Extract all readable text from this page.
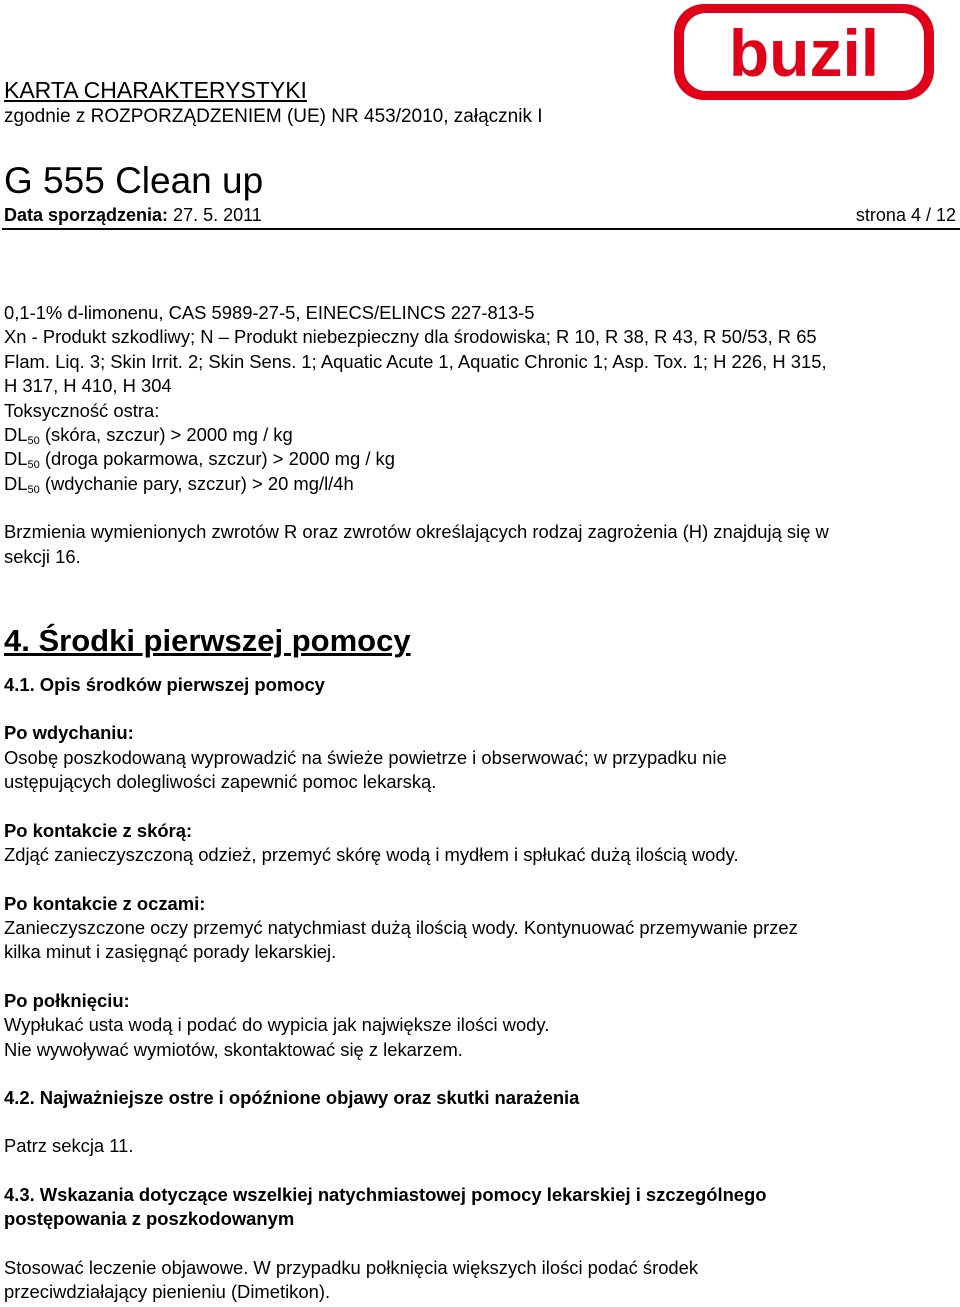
buzil
KARTA CHARAKTERYSTYKI
zgodnie z ROZPORZĄDZENIEM (UE) NR 453/2010, załącznik I
G 555 Clean up
Data sporządzenia: 27. 5. 2011	strona 4 / 12

0,1-1% d-limonenu, CAS 5989-27-5, EINECS/ELINCS 227-813-5

Xn - Produkt szkodliwy; N – Produkt niebezpieczny dla środowiska; R 10, R 38, R 43, R 50/53, R 65

Flam. Liq. 3; Skin Irrit. 2; Skin Sens. 1; Aquatic Acute 1, Aquatic Chronic 1; Asp. Tox. 1; H 226, H 315,

H 317, H 410, H 304

Toksyczność ostra:

$DL_{50}$ (skóra, szczur) > 2000 mg / kg

$DL_{50}$ (droga pokarmowa, szczur) > 2000 mg / kg

$DL_{50}$ (wdychanie pary, szczur) > 20 mg/l/4h

Brzmienia wymienionych zwrotów R oraz zwrotów określających rodzaj zagrożenia (H) znajdują się w

sekcji 16.

4. Środki pierwszej pomocy

4.1. Opis środków pierwszej pomocy

Po wdychaniu:

Osobę poszkodowaną wyprowadzić na świeże powietrze i obserwować; w przypadku nie

ustępujących dolegliwości zapewnić pomoc lekarską.

Po kontakcie z skórą:

Zdjąć zanieczyszczoną odzież, przemyć skórę wodą i mydłem i spłukać dużą ilością wody.

Po kontakcie z oczami:

Zanieczyszczone oczy przemyć natychmiast dużą ilością wody. Kontynuować przemywanie przez

kilka minut i zasięgnąć porady lekarskiej.

Po połknięciu:

Wypłukać usta wodą i podać do wypicia jak największe ilości wody.

Nie wywoływać wymiotów, skontaktować się z lekarzem.

4.2. Najważniejsze ostre i opóźnione objawy oraz skutki narażenia

Patrz sekcja 11.

4.3. Wskazania dotyczące wszelkiej natychmiastowej pomocy lekarskiej i szczególnego

postępowania z poszkodowanym

Stosować leczenie objawowe. W przypadku połknięcia większych ilości podać środek

przeciwdziałający pienieniu (Dimetikon).
